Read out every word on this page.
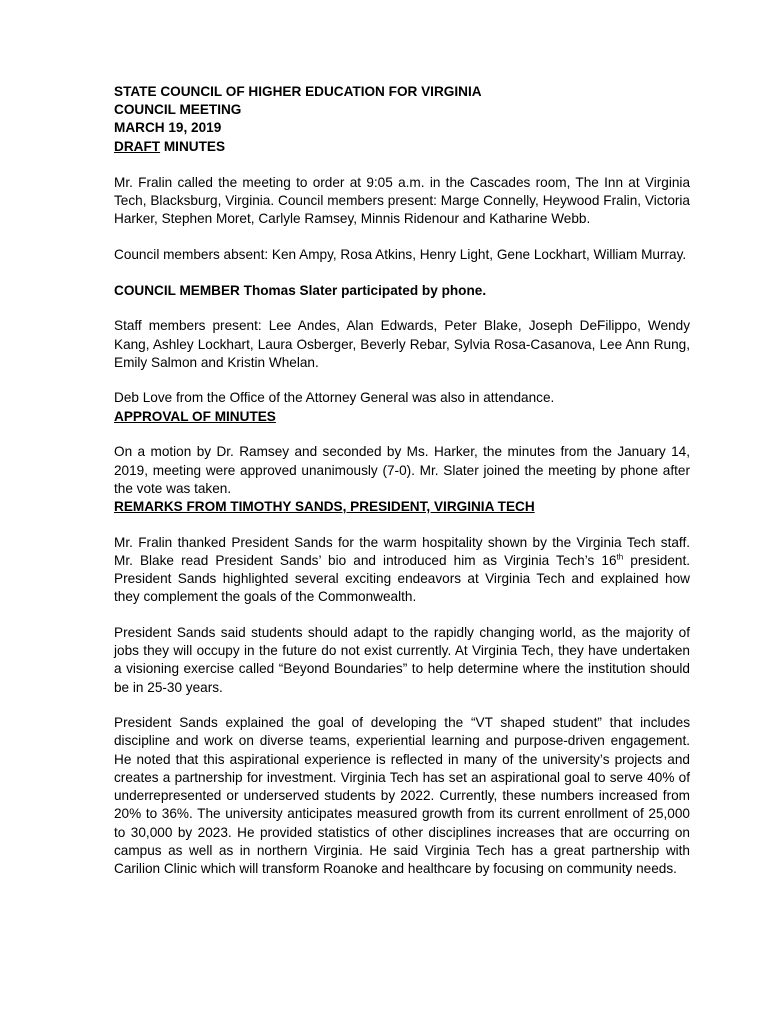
STATE COUNCIL OF HIGHER EDUCATION FOR VIRGINIA
COUNCIL MEETING
MARCH 19, 2019
DRAFT MINUTES

Mr. Fralin called the meeting to order at 9:05 a.m. in the Cascades room, The Inn at Virginia Tech, Blacksburg, Virginia. Council members present: Marge Connelly, Heywood Fralin, Victoria Harker, Stephen Moret, Carlyle Ramsey, Minnis Ridenour and Katharine Webb.

Council members absent: Ken Ampy, Rosa Atkins, Henry Light, Gene Lockhart, William Murray.

COUNCIL MEMBER Thomas Slater participated by phone.

Staff members present: Lee Andes, Alan Edwards, Peter Blake, Joseph DeFilippo, Wendy Kang, Ashley Lockhart, Laura Osberger, Beverly Rebar, Sylvia Rosa-Casanova, Lee Ann Rung, Emily Salmon and Kristin Whelan.

Deb Love from the Office of the Attorney General was also in attendance.

APPROVAL OF MINUTES

On a motion by Dr. Ramsey and seconded by Ms. Harker, the minutes from the January 14, 2019, meeting were approved unanimously (7-0). Mr. Slater joined the meeting by phone after the vote was taken.

REMARKS FROM TIMOTHY SANDS, PRESIDENT, VIRGINIA TECH

Mr. Fralin thanked President Sands for the warm hospitality shown by the Virginia Tech staff. Mr. Blake read President Sands’ bio and introduced him as Virginia Tech’s 16th president. President Sands highlighted several exciting endeavors at Virginia Tech and explained how they complement the goals of the Commonwealth.

President Sands said students should adapt to the rapidly changing world, as the majority of jobs they will occupy in the future do not exist currently. At Virginia Tech, they have undertaken a visioning exercise called “Beyond Boundaries” to help determine where the institution should be in 25-30 years.

President Sands explained the goal of developing the “VT shaped student” that includes discipline and work on diverse teams, experiential learning and purpose-driven engagement. He noted that this aspirational experience is reflected in many of the university’s projects and creates a partnership for investment. Virginia Tech has set an aspirational goal to serve 40% of underrepresented or underserved students by 2022. Currently, these numbers increased from 20% to 36%. The university anticipates measured growth from its current enrollment of 25,000 to 30,000 by 2023. He provided statistics of other disciplines increases that are occurring on campus as well as in northern Virginia. He said Virginia Tech has a great partnership with Carilion Clinic which will transform Roanoke and healthcare by focusing on community needs.
